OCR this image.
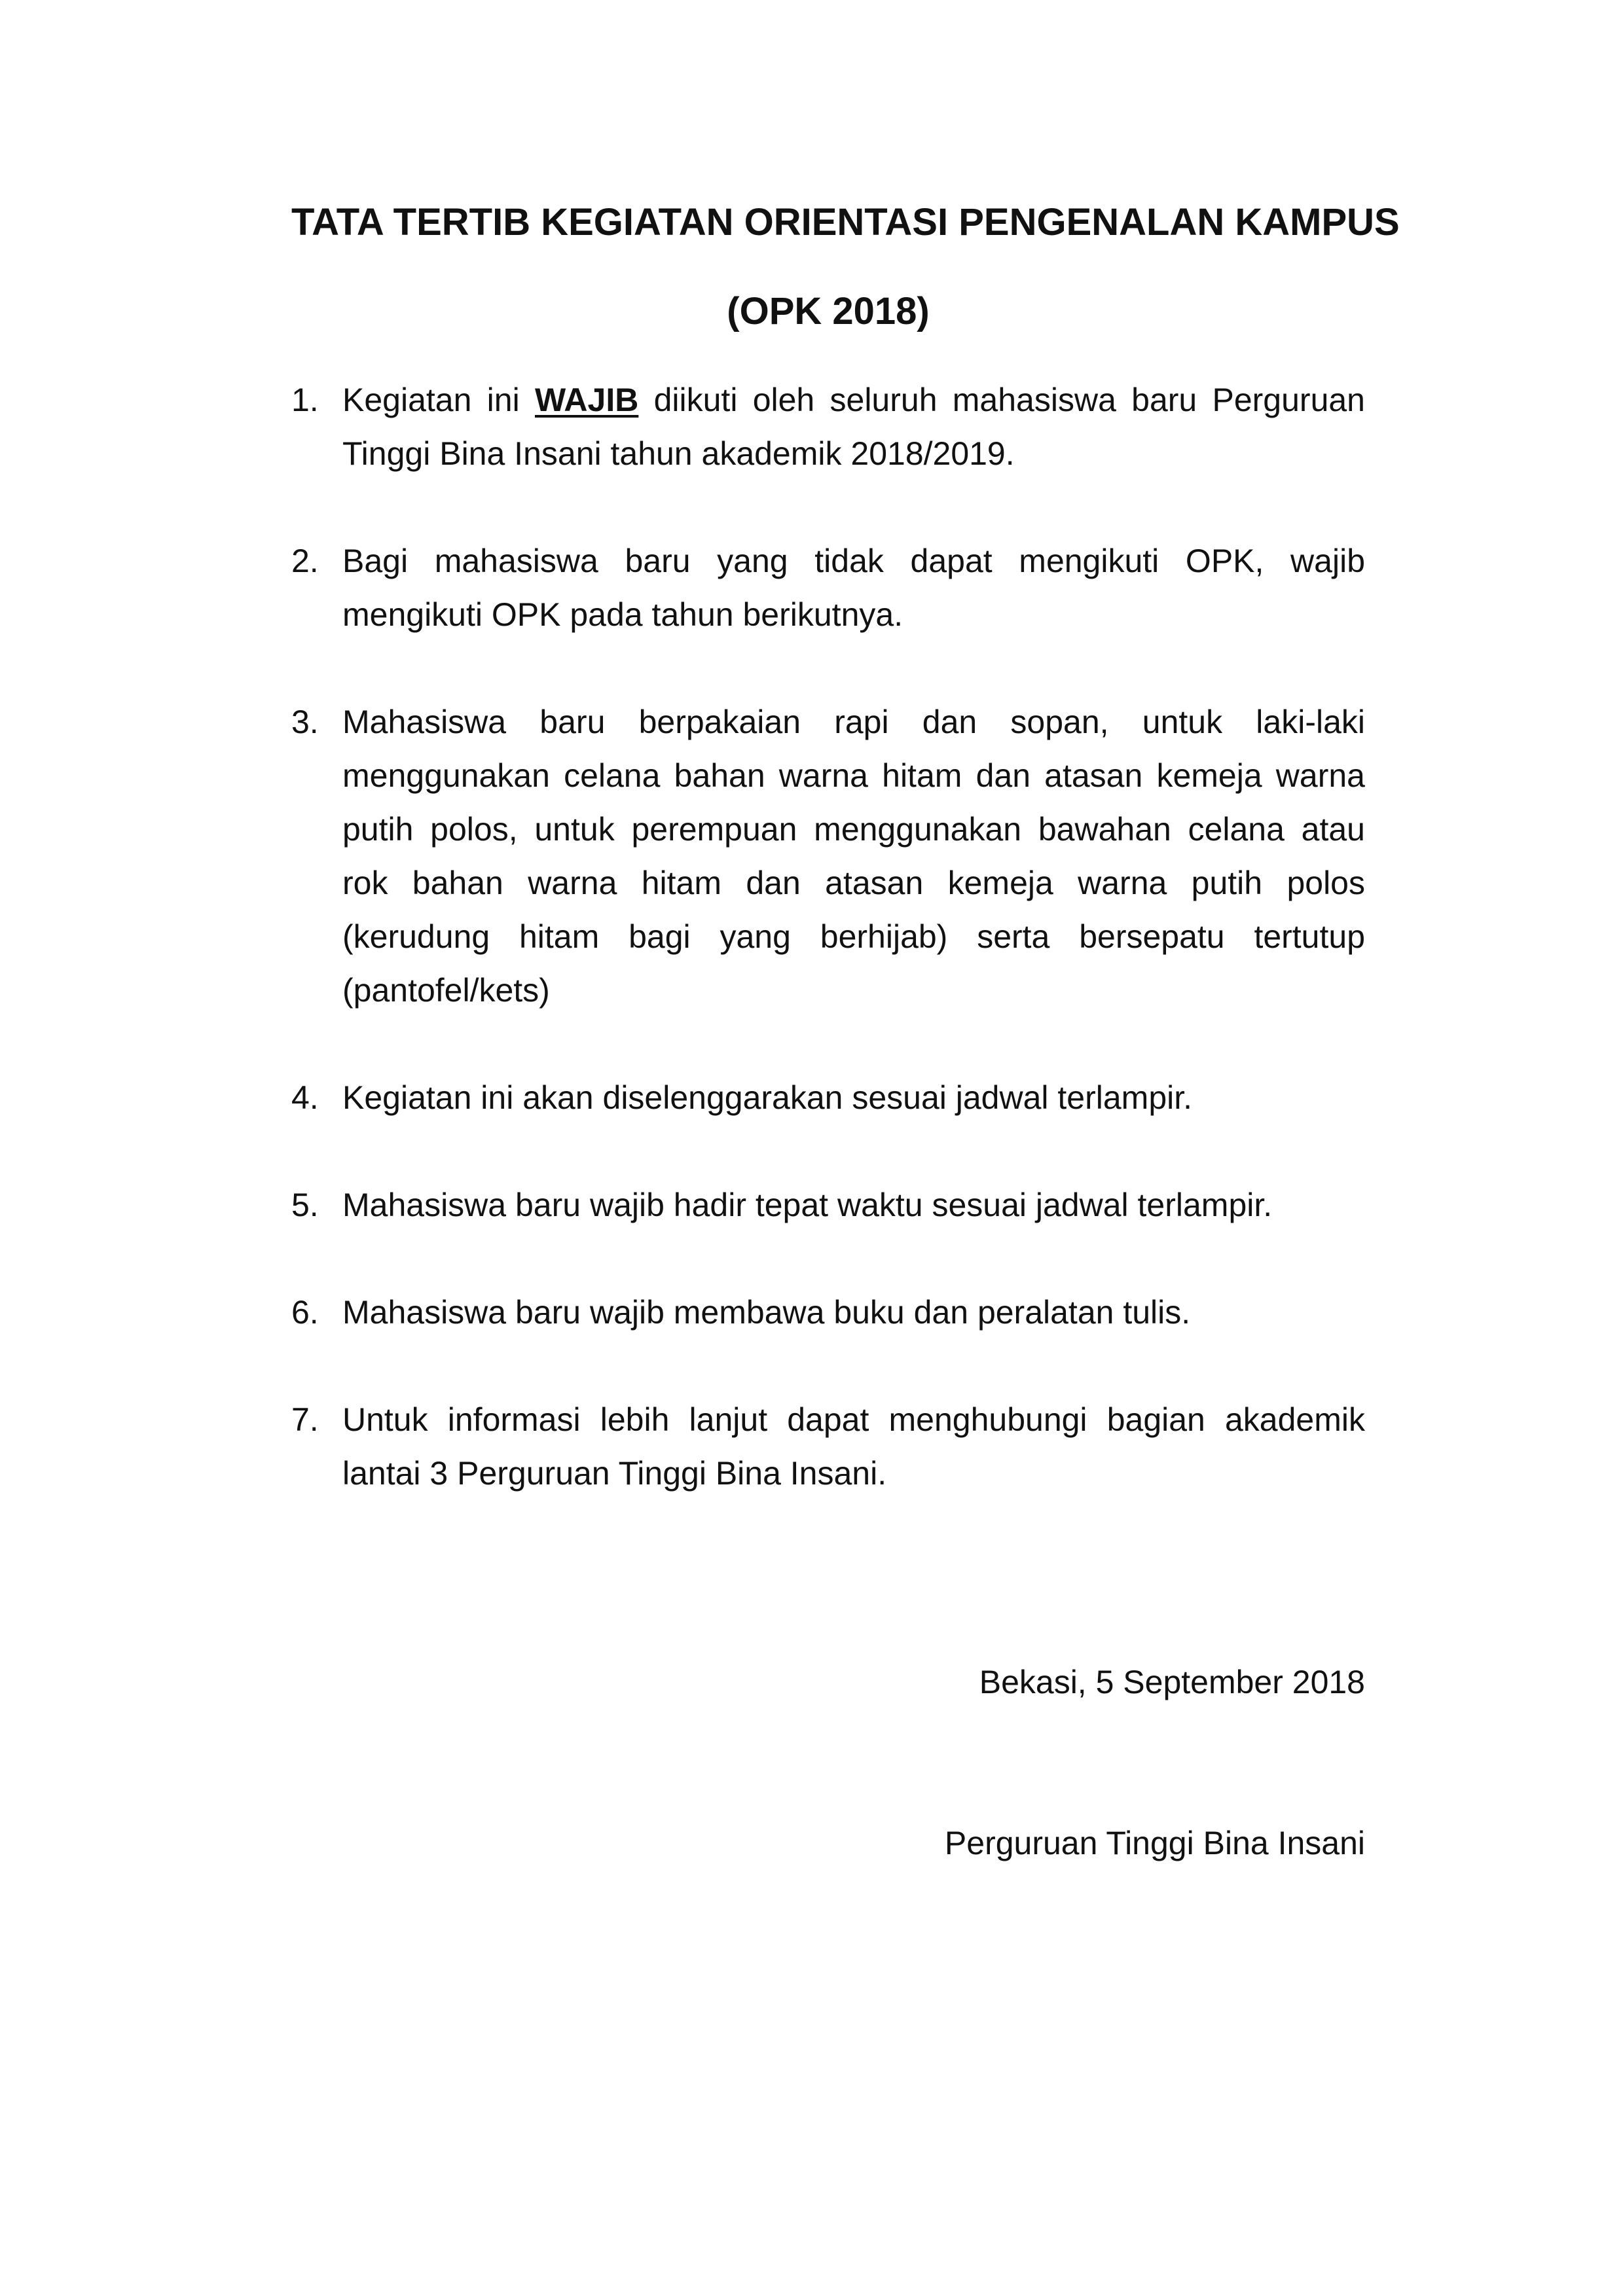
TATA TERTIB KEGIATAN ORIENTASI PENGENALAN KAMPUS
(OPK 2018)
1. Kegiatan ini WAJIB diikuti oleh seluruh mahasiswa baru Perguruan Tinggi Bina Insani tahun akademik 2018/2019.
2. Bagi mahasiswa baru yang tidak dapat mengikuti OPK, wajib mengikuti OPK pada tahun berikutnya.
3. Mahasiswa baru berpakaian rapi dan sopan, untuk laki-laki menggunakan celana bahan warna hitam dan atasan kemeja warna putih polos, untuk perempuan menggunakan bawahan celana atau rok bahan warna hitam dan atasan kemeja warna putih polos (kerudung hitam bagi yang berhijab) serta bersepatu tertutup (pantofel/kets)
4. Kegiatan ini akan diselenggarakan sesuai jadwal terlampir.
5. Mahasiswa baru wajib hadir tepat waktu sesuai jadwal terlampir.
6. Mahasiswa baru wajib membawa buku dan peralatan tulis.
7. Untuk informasi lebih lanjut dapat menghubungi bagian akademik lantai 3 Perguruan Tinggi Bina Insani.

Bekasi, 5 September 2018

Perguruan Tinggi Bina Insani
